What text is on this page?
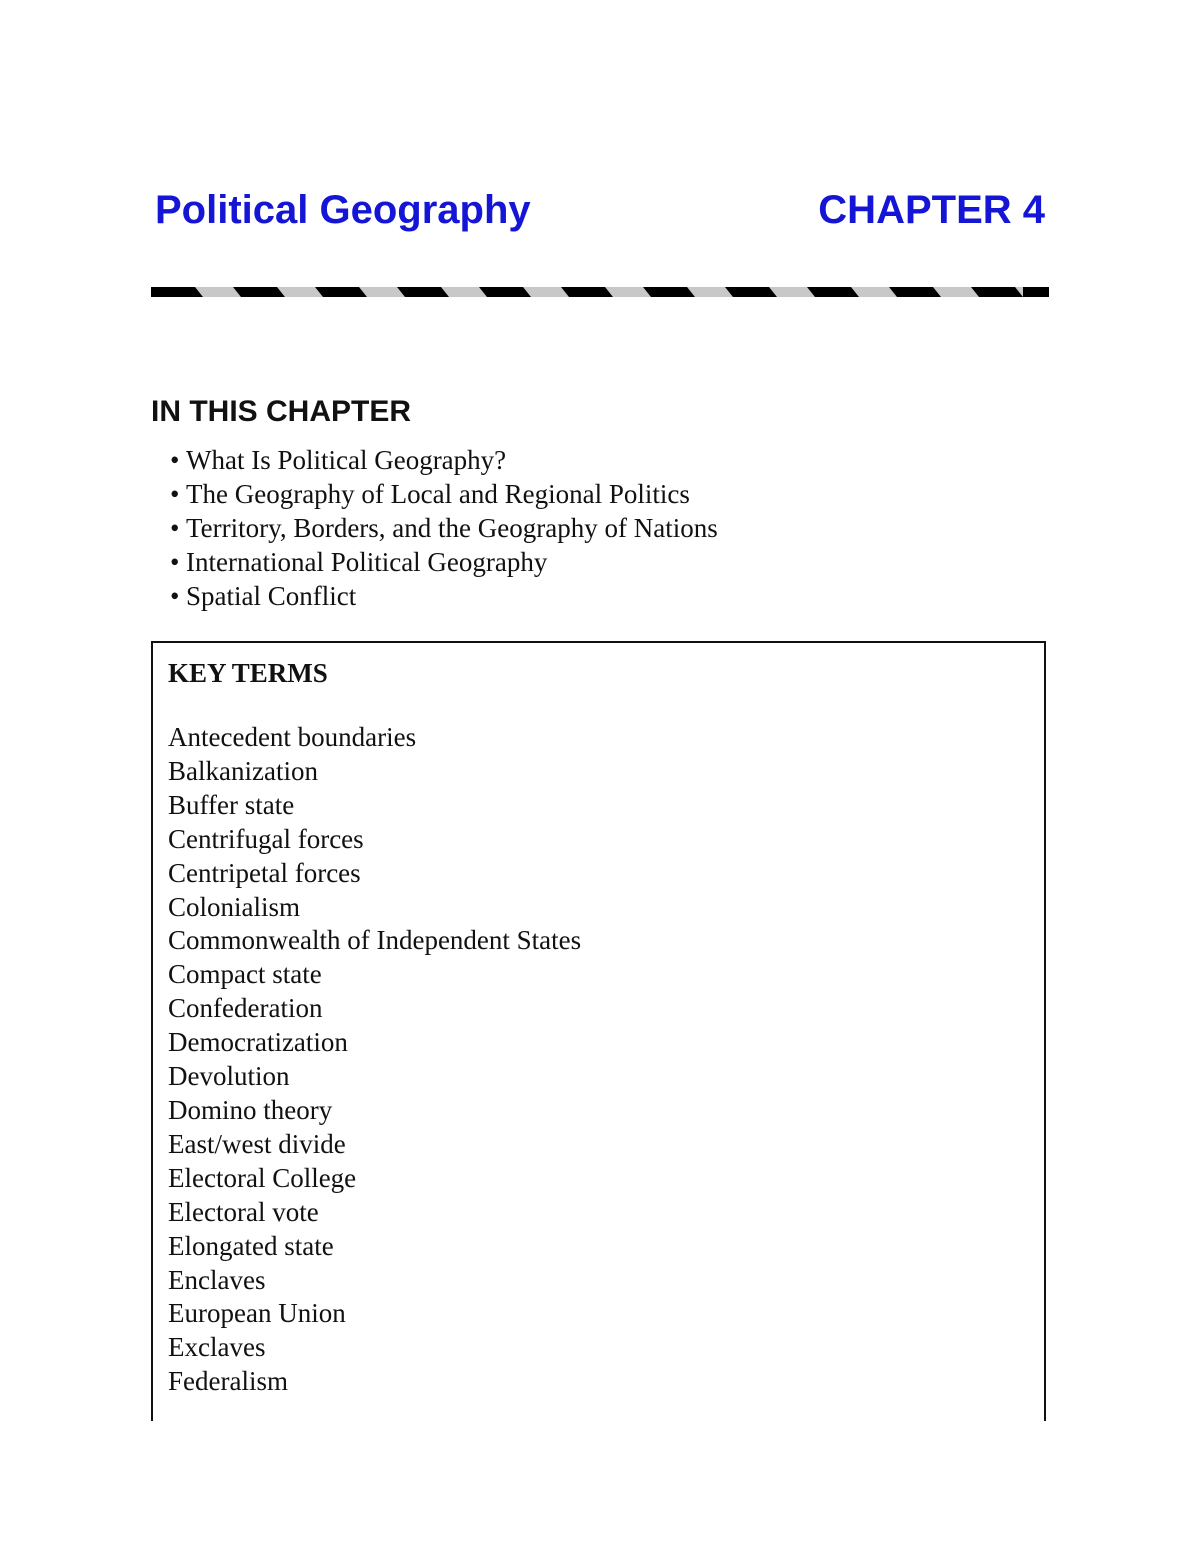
Political Geography	CHAPTER 4
IN THIS CHAPTER
• What Is Political Geography?
• The Geography of Local and Regional Politics
• Territory, Borders, and the Geography of Nations
• International Political Geography
• Spatial Conflict
KEY TERMS
Antecedent boundaries
Balkanization
Buffer state
Centrifugal forces
Centripetal forces
Colonialism
Commonwealth of Independent States
Compact state
Confederation
Democratization
Devolution
Domino theory
East/west divide
Electoral College
Electoral vote
Elongated state
Enclaves
European Union
Exclaves
Federalism
